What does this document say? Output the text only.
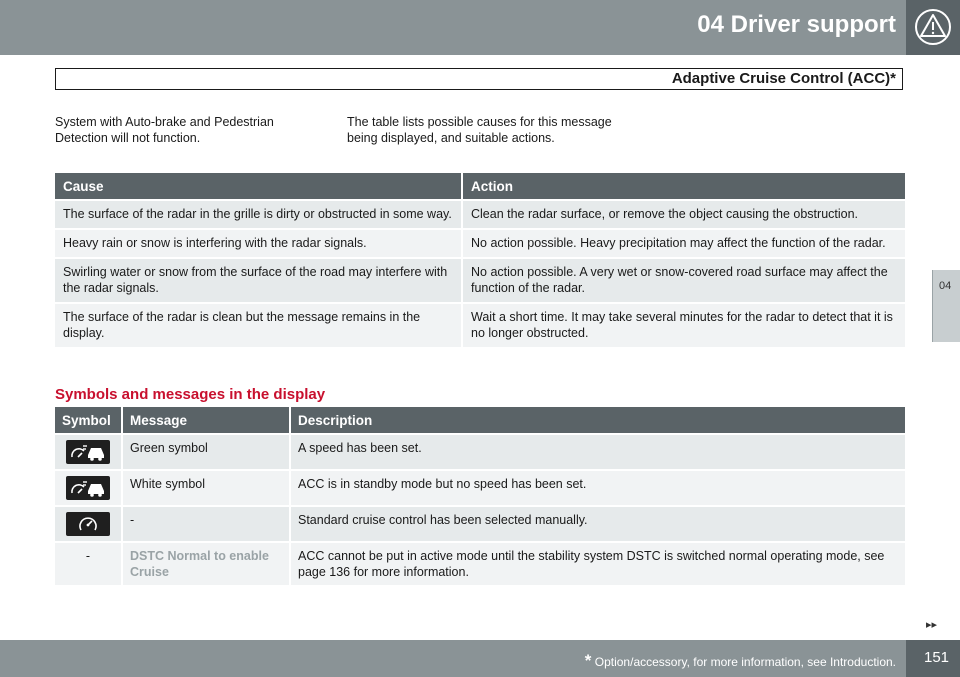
04 Driver support
Adaptive Cruise Control (ACC)*
04
System with Auto-brake and Pedestrian Detection will not function.
The table lists possible causes for this message being displayed, and suitable actions.
Cause	Action
The surface of the radar in the grille is dirty or obstructed in some way.	Clean the radar surface, or remove the object causing the obstruction.
Heavy rain or snow is interfering with the radar signals.	No action possible. Heavy precipitation may affect the function of the radar.
Swirling water or snow from the surface of the road may interfere with the radar signals.	No action possible. A very wet or snow-covered road surface may affect the function of the radar.
The surface of the radar is clean but the message remains in the display.	Wait a short time. It may take several minutes for the radar to detect that it is no longer obstructed.
Symbols and messages in the display
Symbol	Message	Description
	Green symbol	A speed has been set.
	White symbol	ACC is in standby mode but no speed has been set.
	-	Standard cruise control has been selected manually.
-	DSTC Normal to enable Cruise	ACC cannot be put in active mode until the stability system DSTC is switched normal operating mode, see page 136 for more information.
▸▸
* Option/accessory, for more information, see Introduction. 151
